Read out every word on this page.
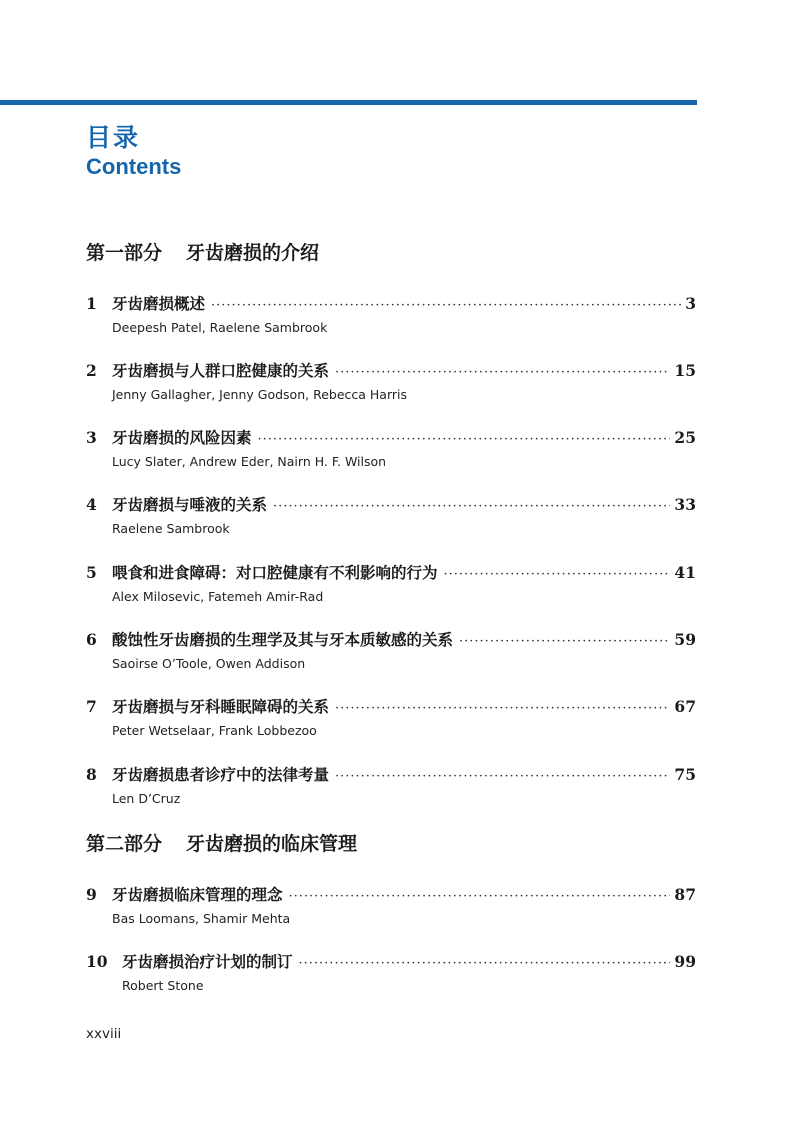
目录
Contents
第一部分 牙齿磨损的介绍
1 牙齿磨损概述 ·····	3
Deepesh Patel, Raelene Sambrook
2 牙齿磨损与人群口腔健康的关系 ·····	15
Jenny Gallagher, Jenny Godson, Rebecca Harris
3 牙齿磨损的风险因素 ·····	25
Lucy Slater, Andrew Eder, Nairn H. F. Wilson
4 牙齿磨损与唾液的关系 ·····	33
Raelene Sambrook
5 喂食和进食障碍：对口腔健康有不利影响的行为 ·····	41
Alex Milosevic, Fatemeh Amir-Rad
6 酸蚀性牙齿磨损的生理学及其与牙本质敏感的关系 ·····	59
Saoirse O’Toole, Owen Addison
7 牙齿磨损与牙科睡眠障碍的关系 ·····	67
Peter Wetselaar, Frank Lobbezoo
8 牙齿磨损患者诊疗中的法律考量 ·····	75
Len D’Cruz
第二部分 牙齿磨损的临床管理
9 牙齿磨损临床管理的理念 ·····	87
Bas Loomans, Shamir Mehta
10 牙齿磨损治疗计划的制订 ·····	99
Robert Stone
xxviii
